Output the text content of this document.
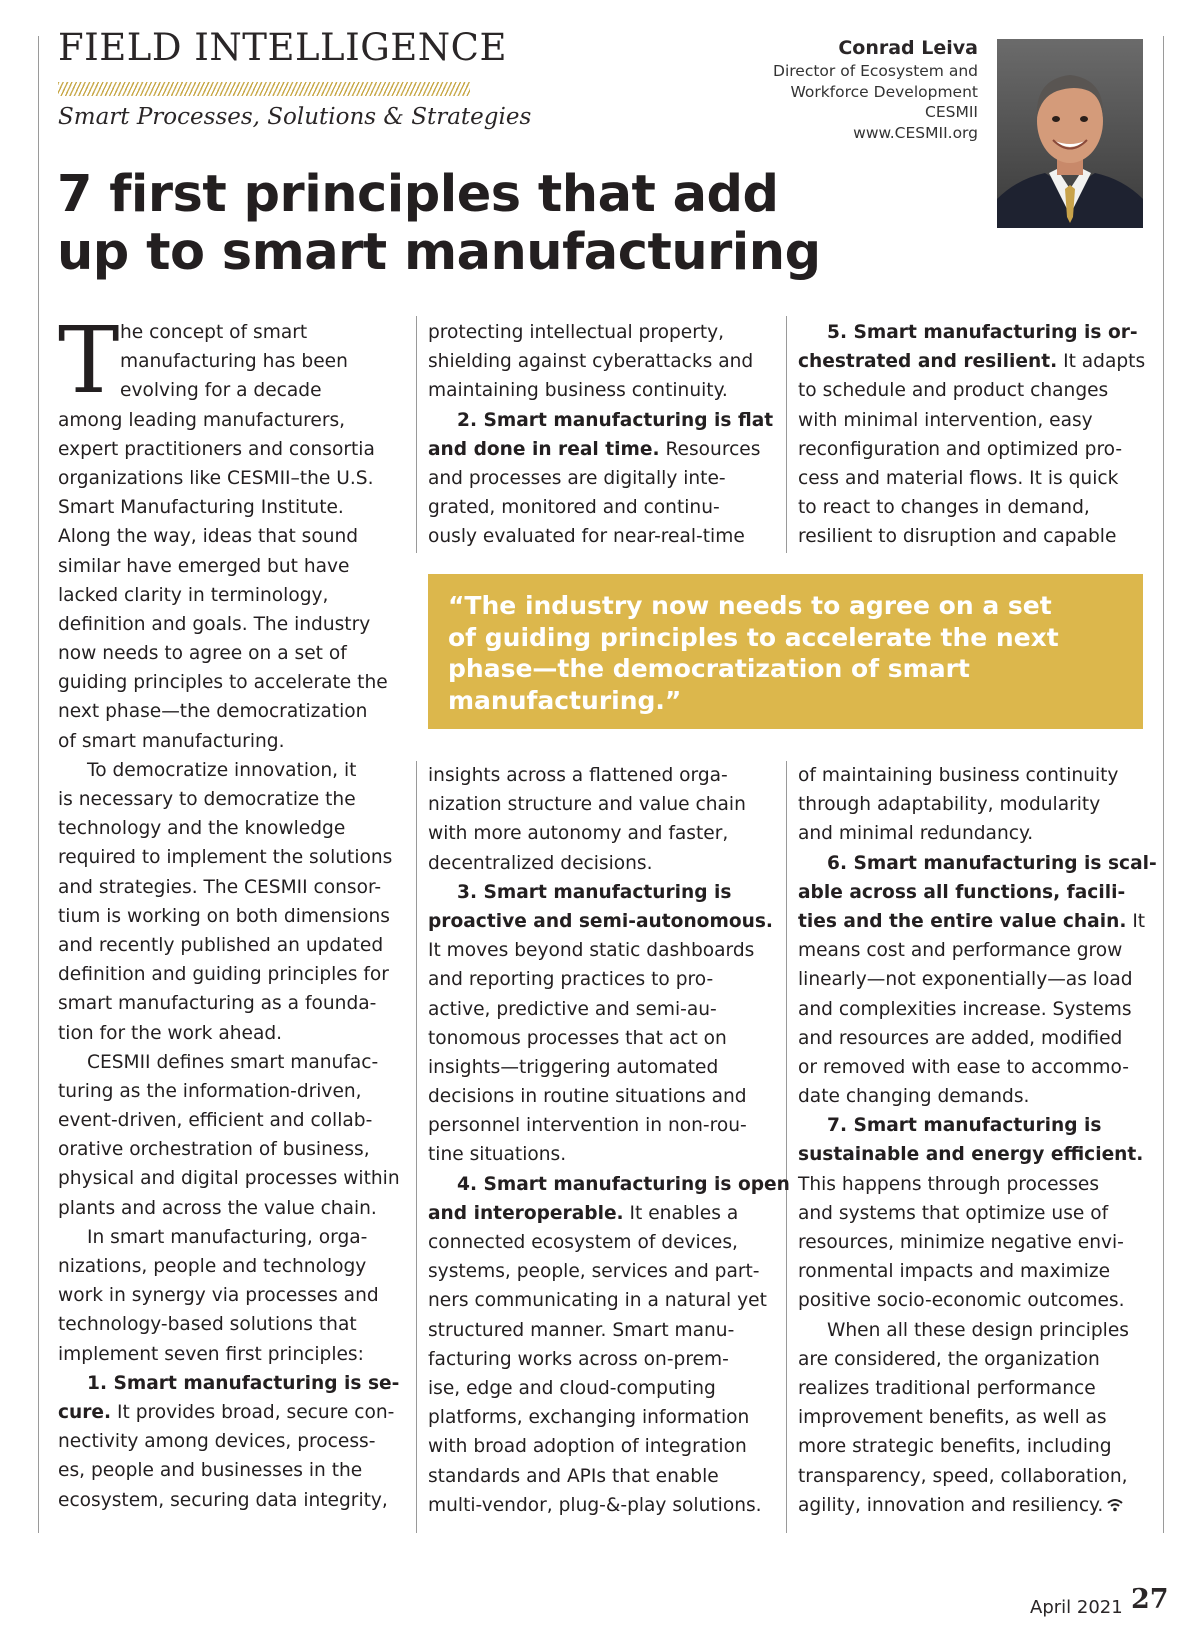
FIELD INTELLIGENCE
Smart Processes, Solutions & Strategies
Conrad Leiva
Director of Ecosystem and
Workforce Development
CESMII
www.CESMII.org
7 first principles that add
up to smart manufacturing
T he concept of smart
manufacturing has been
evolving for a decade
among leading manufacturers,
expert practitioners and consortia
organizations like CESMII–the U.S.
Smart Manufacturing Institute.
Along the way, ideas that sound
similar have emerged but have
lacked clarity in terminology,
definition and goals. The industry
now needs to agree on a set of
guiding principles to accelerate the
next phase—the democratization
of smart manufacturing.
To democratize innovation, it
is necessary to democratize the
technology and the knowledge
required to implement the solutions
and strategies. The CESMII consor-
tium is working on both dimensions
and recently published an updated
definition and guiding principles for
smart manufacturing as a founda-
tion for the work ahead.
CESMII defines smart manufac-
turing as the information-driven,
event-driven, efficient and collab-
orative orchestration of business,
physical and digital processes within
plants and across the value chain.
In smart manufacturing, orga-
nizations, people and technology
work in synergy via processes and
technology-based solutions that
implement seven first principles:
1. Smart manufacturing is se-
cure. It provides broad, secure con-
nectivity among devices, process-
es, people and businesses in the
ecosystem, securing data integrity,
protecting intellectual property,
shielding against cyberattacks and
maintaining business continuity.
2. Smart manufacturing is flat
and done in real time. Resources
and processes are digitally inte-
grated, monitored and continu-
ously evaluated for near-real-time
5. Smart manufacturing is or-
chestrated and resilient. It adapts
to schedule and product changes
with minimal intervention, easy
reconfiguration and optimized pro-
cess and material flows. It is quick
to react to changes in demand,
resilient to disruption and capable
“The industry now needs to agree on a set
of guiding principles to accelerate the next
phase—the democratization of smart
manufacturing.”
insights across a flattened orga-
nization structure and value chain
with more autonomy and faster,
decentralized decisions.
3. Smart manufacturing is
proactive and semi-autonomous.
It moves beyond static dashboards
and reporting practices to pro-
active, predictive and semi-au-
tonomous processes that act on
insights—triggering automated
decisions in routine situations and
personnel intervention in non-rou-
tine situations.
4. Smart manufacturing is open
and interoperable. It enables a
connected ecosystem of devices,
systems, people, services and part-
ners communicating in a natural yet
structured manner. Smart manu-
facturing works across on-prem-
ise, edge and cloud-computing
platforms, exchanging information
with broad adoption of integration
standards and APIs that enable
multi-vendor, plug-&-play solutions.
of maintaining business continuity
through adaptability, modularity
and minimal redundancy.
6. Smart manufacturing is scal-
able across all functions, facili-
ties and the entire value chain. It
means cost and performance grow
linearly—not exponentially—as load
and complexities increase. Systems
and resources are added, modified
or removed with ease to accommo-
date changing demands.
7. Smart manufacturing is
sustainable and energy efficient.
This happens through processes
and systems that optimize use of
resources, minimize negative envi-
ronmental impacts and maximize
positive socio-economic outcomes.
When all these design principles
are considered, the organization
realizes traditional performance
improvement benefits, as well as
more strategic benefits, including
transparency, speed, collaboration,
agility, innovation and resiliency.
April 2021 27
